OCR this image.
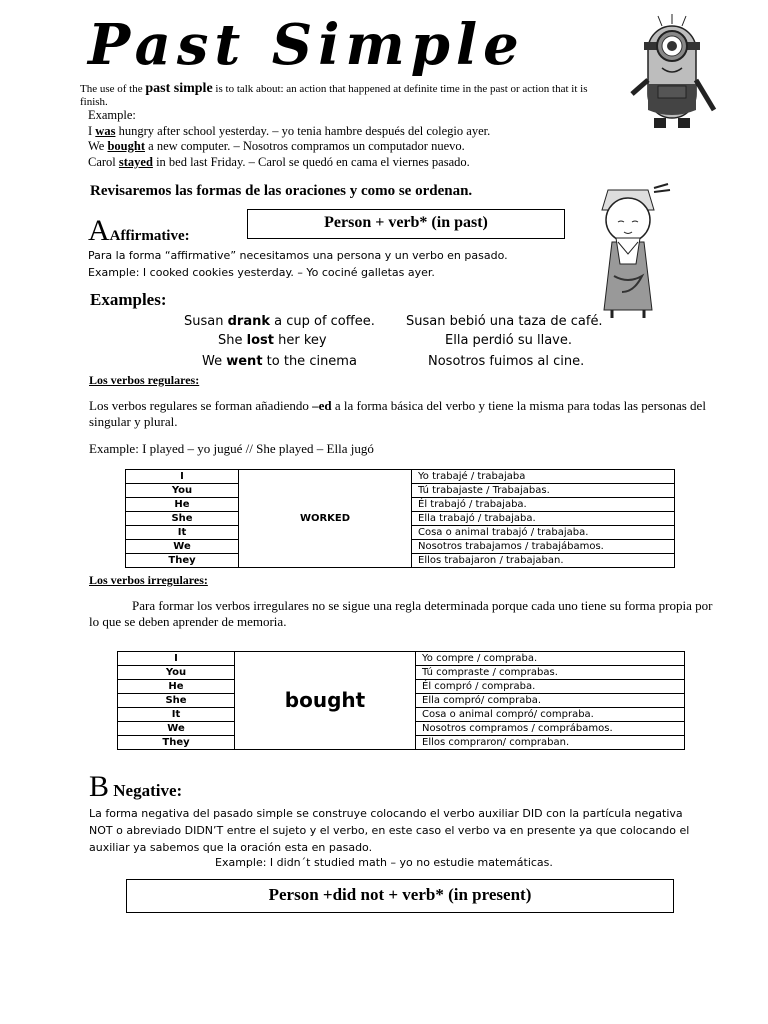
Past Simple
The use of the past simple is to talk about: an action that happened at definite time in the past or action that it is finish.
Example:
I was hungry after school yesterday. – yo tenia hambre después del colegio ayer.
We bought a new computer. – Nosotros compramos un computador nuevo.
Carol stayed in bed last Friday. – Carol se quedó en cama el viernes pasado.
Revisaremos las formas de las oraciones y como se ordenan.
AAffirmative:
Person + verb* (in past)
Para la forma “affirmative” necesitamos una persona y un verbo en pasado.
Example: I cooked cookies yesterday. – Yo cociné galletas ayer.
Examples:
Susan drank a cup of coffee. Susan bebió una taza de café.
She lost her key	Ella perdió su llave.
We went to the cinema	Nosotros fuimos al cine.
Los verbos regulares:
Los verbos regulares se forman añadiendo –ed a la forma básica del verbo y tiene la misma para todas las personas del singular y plural.
Example: I played – yo jugué // She played – Ella jugó
I	WORKED	Yo trabajé / trabajaba
You		Tú trabajaste / Trabajabas.
He		Él trabajó / trabajaba.
She		Ella trabajó / trabajaba.
It		Cosa o animal trabajó / trabajaba.
We		Nosotros trabajamos / trabajábamos.
They		Ellos trabajaron / trabajaban.
Los verbos irregulares:
Para formar los verbos irregulares no se sigue una regla determinada porque cada uno tiene su forma propia por lo que se deben aprender de memoria.
I	bought	Yo compre / compraba.
You		Tú compraste / comprabas.
He		Él compró / compraba.
She		Ella compró/ compraba.
It		Cosa o animal compró/ compraba.
We		Nosotros compramos / comprábamos.
They		Ellos compraron/ compraban.
B Negative:
La forma negativa del pasado simple se construye colocando el verbo auxiliar DID con la partícula negativa NOT o abreviado DIDN’T entre el sujeto y el verbo, en este caso el verbo va en presente ya que colocando el auxiliar ya sabemos que la oración esta en pasado.
Example: I didn´t studied math – yo no estudie matemáticas.
Person +did not + verb* (in present)
